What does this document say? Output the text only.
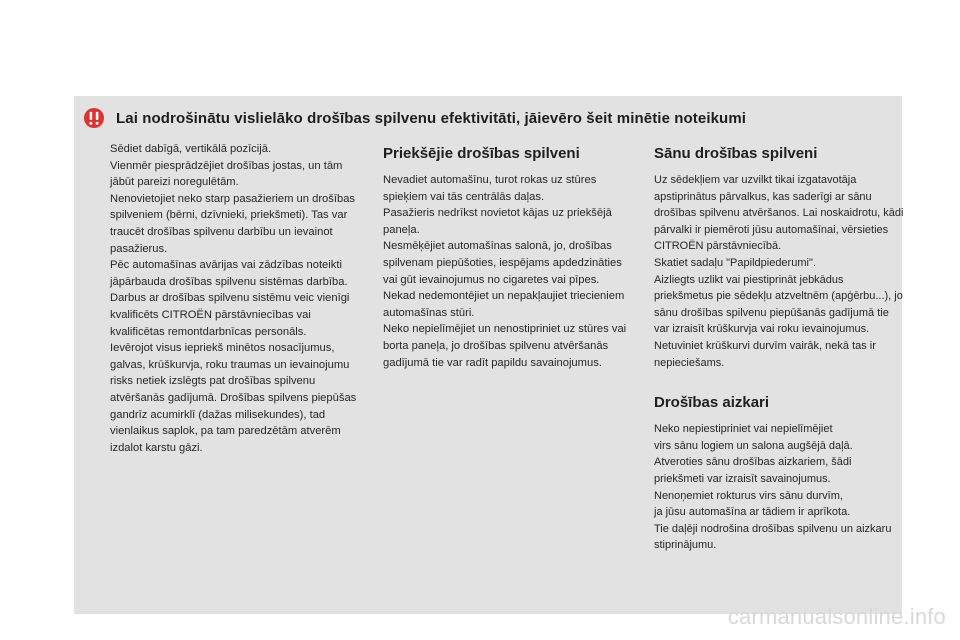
Lai nodrošinātu vislielāko drošības spilvenu efektivitāti, jāievēro šeit minētie noteikumi

Sēdiet dabīgā, vertikālā pozīcijā.
Vienmēr piesprādzējiet drošības jostas, un tām jābūt pareizi noregulētām.
Nenovietojiet neko starp pasažieriem un drošības spilveniem (bērni, dzīvnieki, priekšmeti). Tas var traucēt drošības spilvenu darbību un ievainot pasažierus.
Pēc automašīnas avārijas vai zādzības noteikti jāpārbauda drošības spilvenu sistēmas darbība.
Darbus ar drošības spilvenu sistēmu veic vienīgi kvalificēts CITROËN pārstāvniecības vai kvalificētas remontdarbnīcas personāls.
Ievērojot visus iepriekš minētos nosacījumus, galvas, krūškurvja, roku traumas un ievainojumu risks netiek izslēgts pat drošības spilvenu atvēršanās gadījumā. Drošības spilvens piepūšas gandrīz acumirklī (dažas milisekundes), tad vienlaikus saplok, pa tam paredzētām atverēm izdalot karstu gāzi.

Priekšējie drošības spilveni

Nevadiet automašīnu, turot rokas uz stūres spieķiem vai tās centrālās daļas.
Pasažieris nedrīkst novietot kājas uz priekšējā paneļa.
Nesmēķējiet automašīnas salonā, jo, drošības spilvenam piepūšoties, iespējams apdedzināties vai gūt ievainojumus no cigaretes vai pīpes.
Nekad nedemontējiet un nepakļaujiet triecieniem automašīnas stūri.
Neko nepielīmējiet un nenostipriniet uz stūres vai borta paneļa, jo drošības spilvenu atvēršanās gadījumā tie var radīt papildu savainojumus.

Sānu drošības spilveni

Uz sēdekļiem var uzvilkt tikai izgatavotāja apstiprinātus pārvalkus, kas saderīgi ar sānu drošības spilvenu atvēršanos. Lai noskaidrotu, kādi pārvalki ir piemēroti jūsu automašīnai, vērsieties CITROËN pārstāvniecībā.
Skatiet sadaļu "Papildpiederumi".
Aizliegts uzlikt vai piestiprināt jebkādus priekšmetus pie sēdekļu atzveltnēm (apģērbu...), jo sānu drošības spilvenu piepūšanās gadījumā tie var izraisīt krūškurvja vai roku ievainojumus.
Netuviniet krūškurvi durvīm vairāk, nekā tas ir nepieciešams.

Drošības aizkari

Neko nepiestipriniet vai nepielīmējiet
virs sānu logiem un salona augšējā daļā.
Atveroties sānu drošības aizkariem, šādi priekšmeti var izraisīt savainojumus.
Nenoņemiet rokturus virs sānu durvīm,
ja jūsu automašīna ar tādiem ir aprīkota.
Tie daļēji nodrošina drošības spilvenu un aizkaru stiprinājumu.

carmanualsonline.info
